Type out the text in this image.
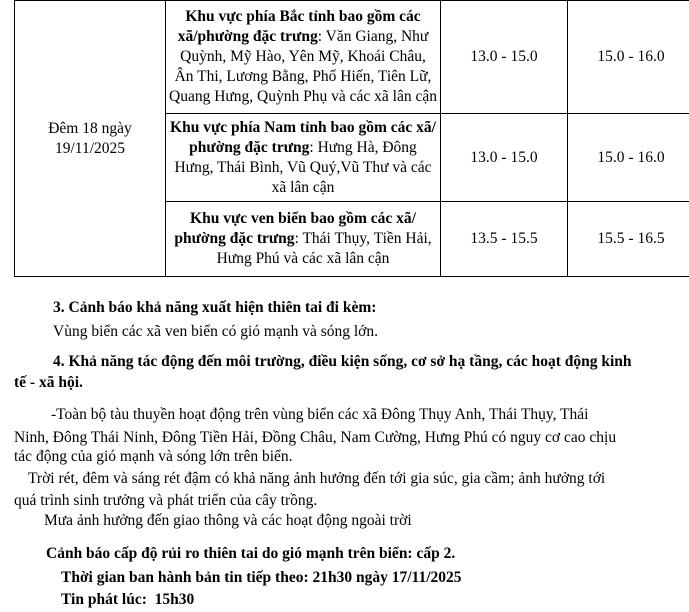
Đêm 18 ngày
19/11/2025	Khu vực phía Bắc tỉnh bao gồm các xã/phường đặc trưng: Văn Giang, Như Quỳnh, Mỹ Hào, Yên Mỹ, Khoái Châu, Ân Thi, Lương Bằng, Phố Hiến, Tiên Lữ, Quang Hưng, Quỳnh Phụ và các xã lân cận	13.0 - 15.0	15.0 - 16.0
	Khu vực phía Nam tỉnh bao gồm các xã/ phường đặc trưng: Hưng Hà, Đông Hưng, Thái Bình, Vũ Quý,Vũ Thư và các xã lân cận	13.0 - 15.0	15.0 - 16.0
	Khu vực ven biển bao gồm các xã/ phường đặc trưng: Thái Thụy, Tiền Hải, Hưng Phú và các xã lân cận	13.5 - 15.5	15.5 - 16.5
3. Cảnh báo khả năng xuất hiện thiên tai đi kèm:
Vùng biển các xã ven biển có gió mạnh và sóng lớn.
4. Khả năng tác động đến môi trường, điều kiện sống, cơ sở hạ tầng, các hoạt động kinh
tế - xã hội.
-Toàn bộ tàu thuyền hoạt động trên vùng biển các xã Đông Thụy Anh, Thái Thụy, Thái
Ninh, Đông Thái Ninh, Đông Tiền Hải, Đồng Châu, Nam Cường, Hưng Phú có nguy cơ cao chịu
tác động của gió mạnh và sóng lớn trên biển.
Trời rét, đêm và sáng rét đậm có khả năng ảnh hưởng đến tới gia súc, gia cầm; ảnh hưởng tới
quá trình sinh trưởng và phát triển của cây trồng.
Mưa ảnh hưởng đến giao thông và các hoạt động ngoài trời
Cảnh báo cấp độ rủi ro thiên tai do gió mạnh trên biển: cấp 2.
Thời gian ban hành bản tin tiếp theo: 21h30 ngày 17/11/2025
Tin phát lúc: 15h30
